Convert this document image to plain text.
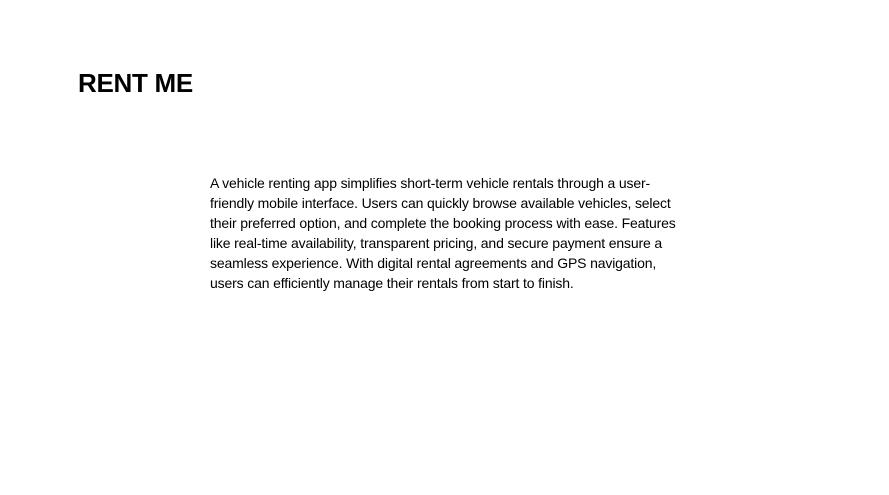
RENT ME

A vehicle renting app simplifies short-term vehicle rentals through a user-friendly mobile interface. Users can quickly browse available vehicles, select their preferred option, and complete the booking process with ease. Features like real-time availability, transparent pricing, and secure payment ensure a seamless experience. With digital rental agreements and GPS navigation, users can efficiently manage their rentals from start to finish.
